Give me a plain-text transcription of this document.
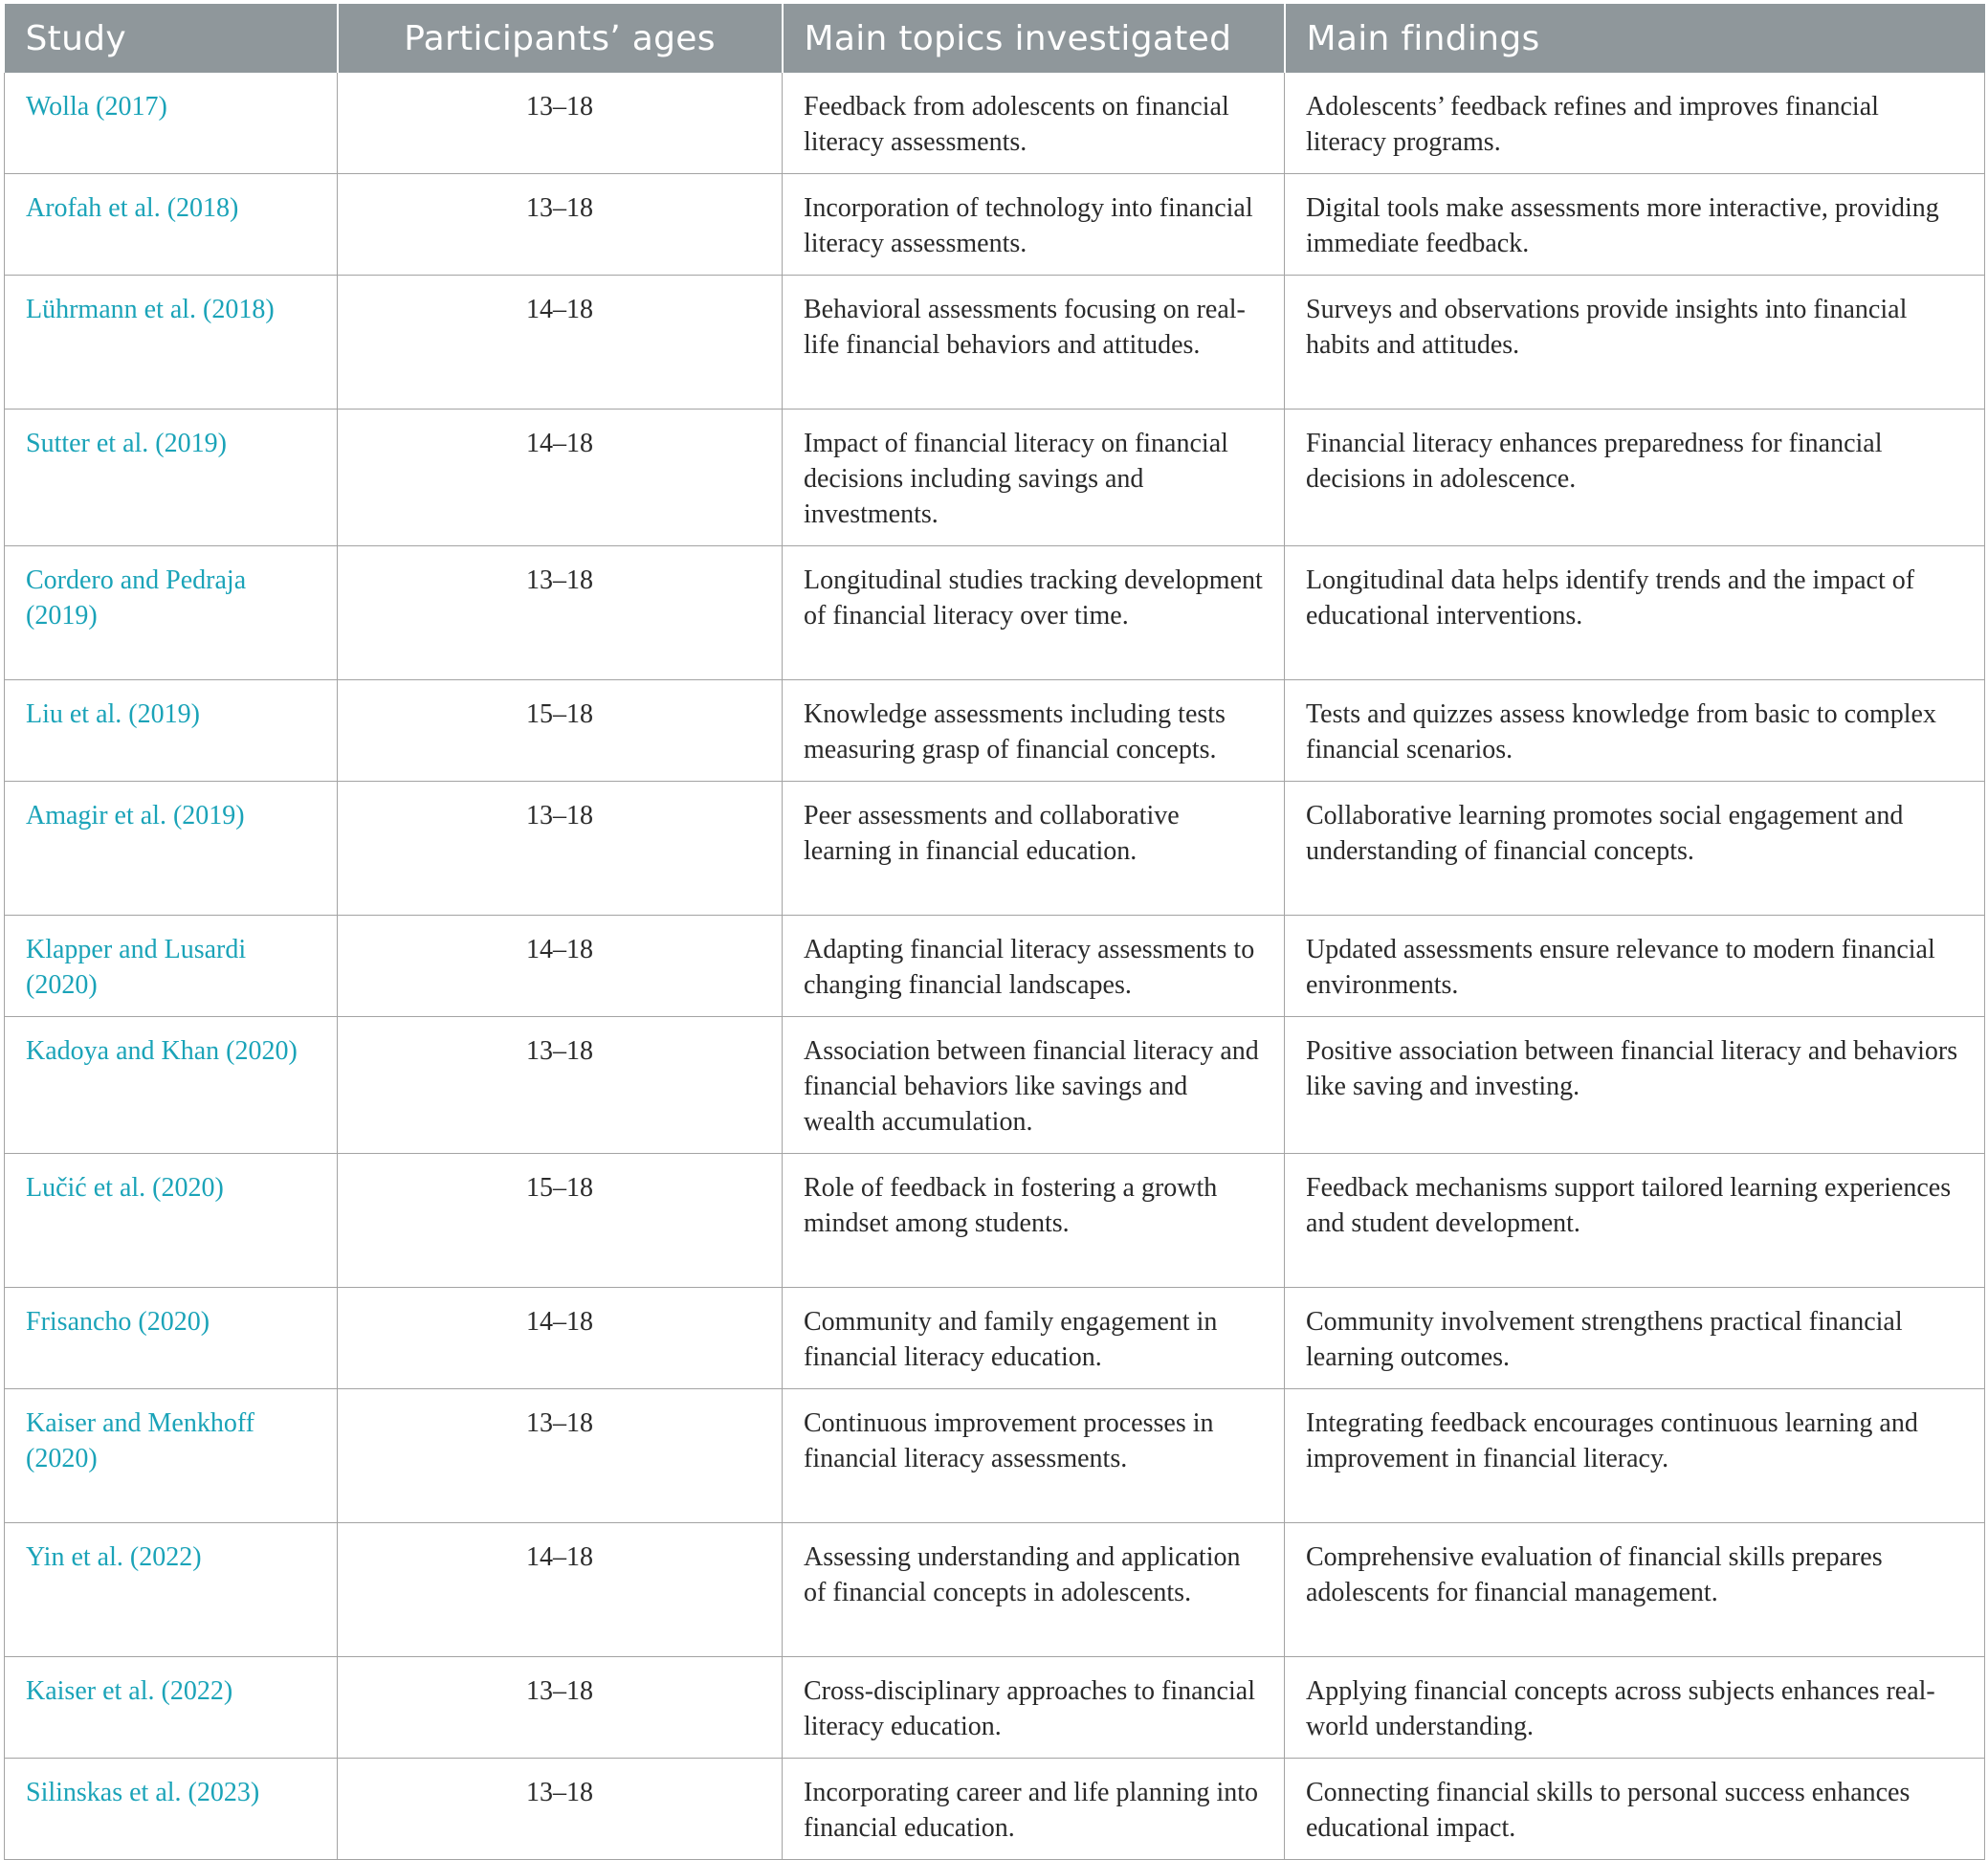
Study	Participants’ ages	Main topics investigated	Main findings
Wolla (2017)	13–18	Feedback from adolescents on financial literacy assessments.	Adolescents’ feedback refines and improves financial literacy programs.
Arofah et al. (2018)	13–18	Incorporation of technology into financial literacy assessments.	Digital tools make assessments more interactive, providing immediate feedback.
Lührmann et al. (2018)	14–18	Behavioral assessments focusing on real-life financial behaviors and attitudes.	Surveys and observations provide insights into financial habits and attitudes.
Sutter et al. (2019)	14–18	Impact of financial literacy on financial decisions including savings and investments.	Financial literacy enhances preparedness for financial decisions in adolescence.
Cordero and Pedraja (2019)	13–18	Longitudinal studies tracking development of financial literacy over time.	Longitudinal data helps identify trends and the impact of educational interventions.
Liu et al. (2019)	15–18	Knowledge assessments including tests measuring grasp of financial concepts.	Tests and quizzes assess knowledge from basic to complex financial scenarios.
Amagir et al. (2019)	13–18	Peer assessments and collaborative learning in financial education.	Collaborative learning promotes social engagement and understanding of financial concepts.
Klapper and Lusardi (2020)	14–18	Adapting financial literacy assessments to changing financial landscapes.	Updated assessments ensure relevance to modern financial environments.
Kadoya and Khan (2020)	13–18	Association between financial literacy and financial behaviors like savings and wealth accumulation.	Positive association between financial literacy and behaviors like saving and investing.
Lučić et al. (2020)	15–18	Role of feedback in fostering a growth mindset among students.	Feedback mechanisms support tailored learning experiences and student development.
Frisancho (2020)	14–18	Community and family engagement in financial literacy education.	Community involvement strengthens practical financial learning outcomes.
Kaiser and Menkhoff (2020)	13–18	Continuous improvement processes in financial literacy assessments.	Integrating feedback encourages continuous learning and improvement in financial literacy.
Yin et al. (2022)	14–18	Assessing understanding and application of financial concepts in adolescents.	Comprehensive evaluation of financial skills prepares adolescents for financial management.
Kaiser et al. (2022)	13–18	Cross-disciplinary approaches to financial literacy education.	Applying financial concepts across subjects enhances real-world understanding.
Silinskas et al. (2023)	13–18	Incorporating career and life planning into financial education.	Connecting financial skills to personal success enhances educational impact.
